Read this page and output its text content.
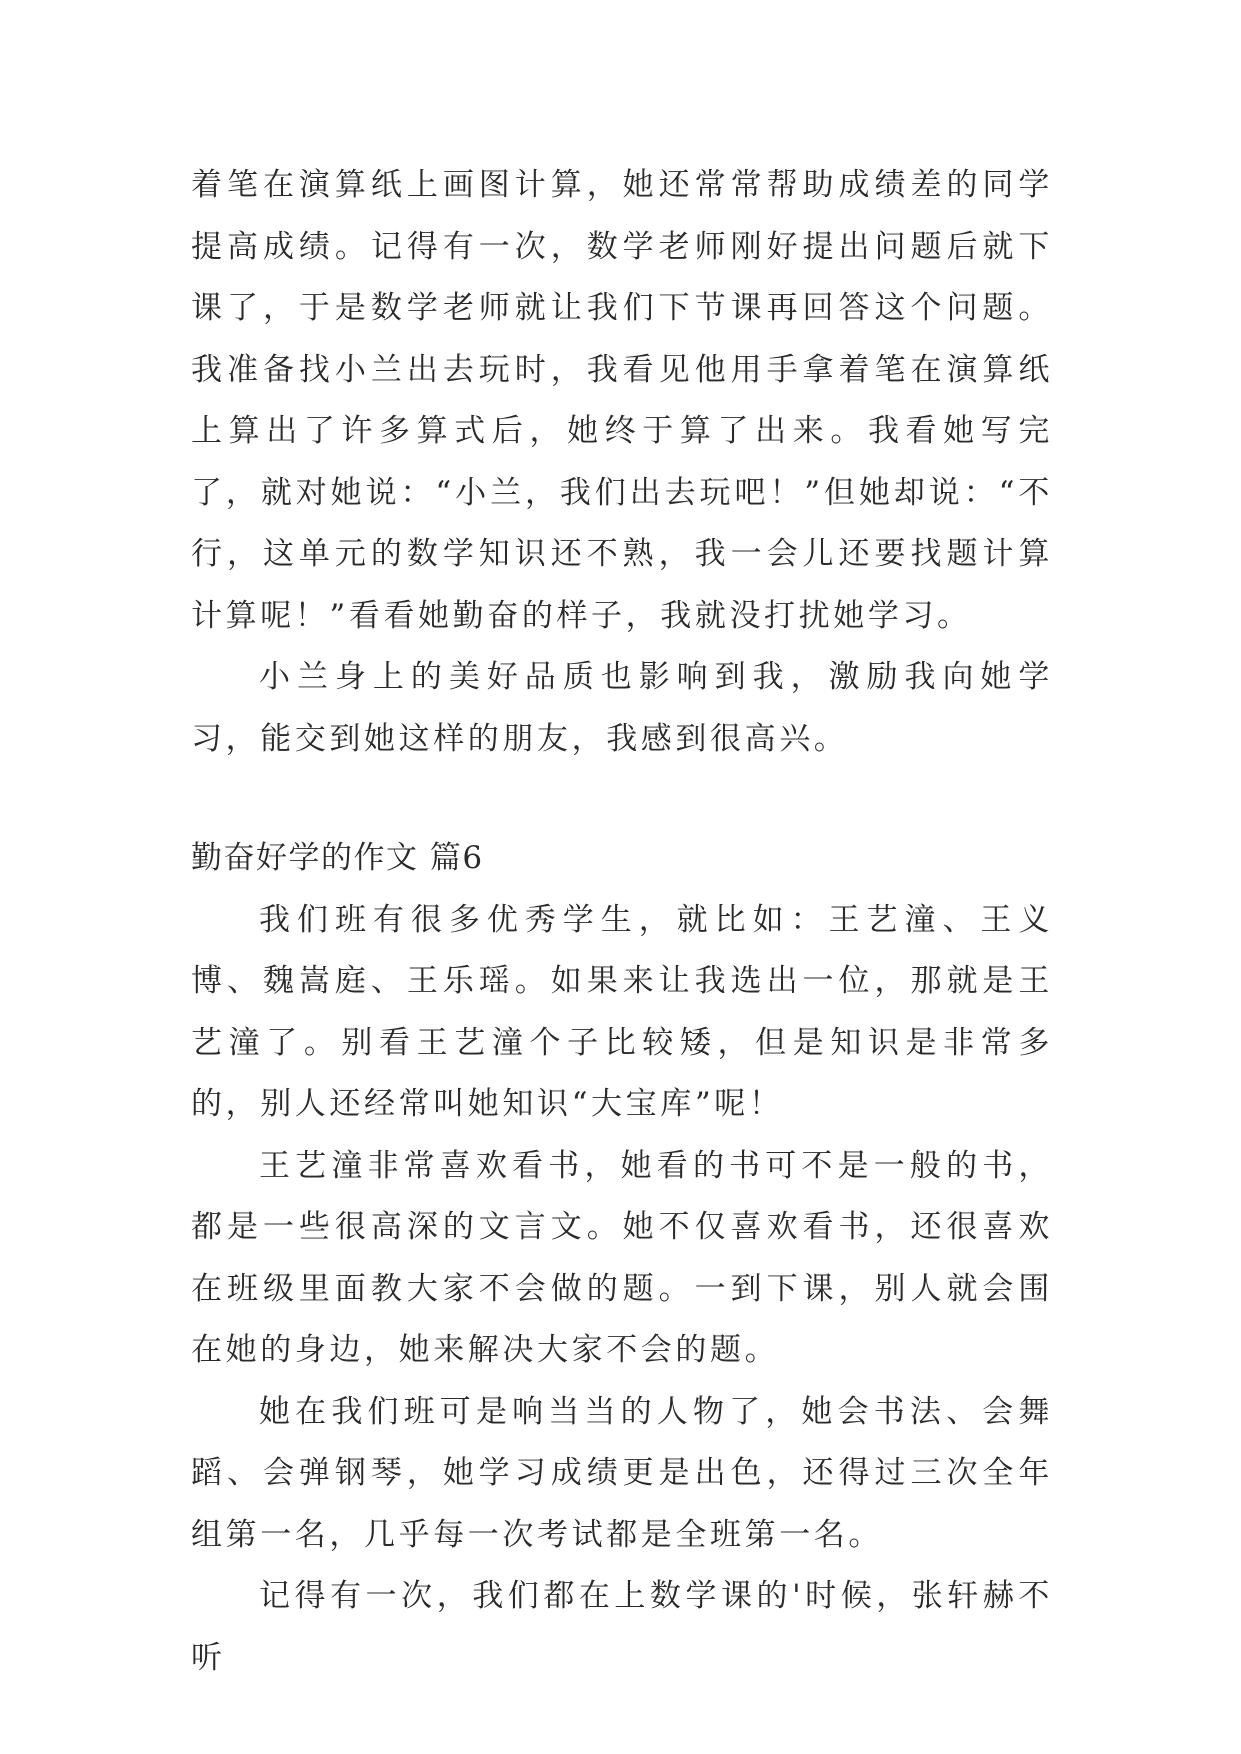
着笔在演算纸上画图计算，她还常常帮助成绩差的同学提高成绩。记得有一次，数学老师刚好提出问题后就下课了，于是数学老师就让我们下节课再回答这个问题。我准备找小兰出去玩时，我看见他用手拿着笔在演算纸上算出了许多算式后，她终于算了出来。我看她写完了，就对她说：“小兰，我们出去玩吧！”但她却说：“不行，这单元的数学知识还不熟，我一会儿还要找题计算计算呢！”看看她勤奋的样子，我就没打扰她学习。

小兰身上的美好品质也影响到我，激励我向她学习，能交到她这样的朋友，我感到很高兴。

勤奋好学的作文 篇6

我们班有很多优秀学生，就比如：王艺潼、王义博、魏嵩庭、王乐瑶。如果来让我选出一位，那就是王艺潼了。别看王艺潼个子比较矮，但是知识是非常多的，别人还经常叫她知识“大宝库”呢！

王艺潼非常喜欢看书，她看的书可不是一般的书，都是一些很高深的文言文。她不仅喜欢看书，还很喜欢在班级里面教大家不会做的题。一到下课，别人就会围在她的身边，她来解决大家不会的题。

她在我们班可是响当当的人物了，她会书法、会舞蹈、会弹钢琴，她学习成绩更是出色，还得过三次全年组第一名，几乎每一次考试都是全班第一名。

记得有一次，我们都在上数学课的'时候，张轩赫不听
